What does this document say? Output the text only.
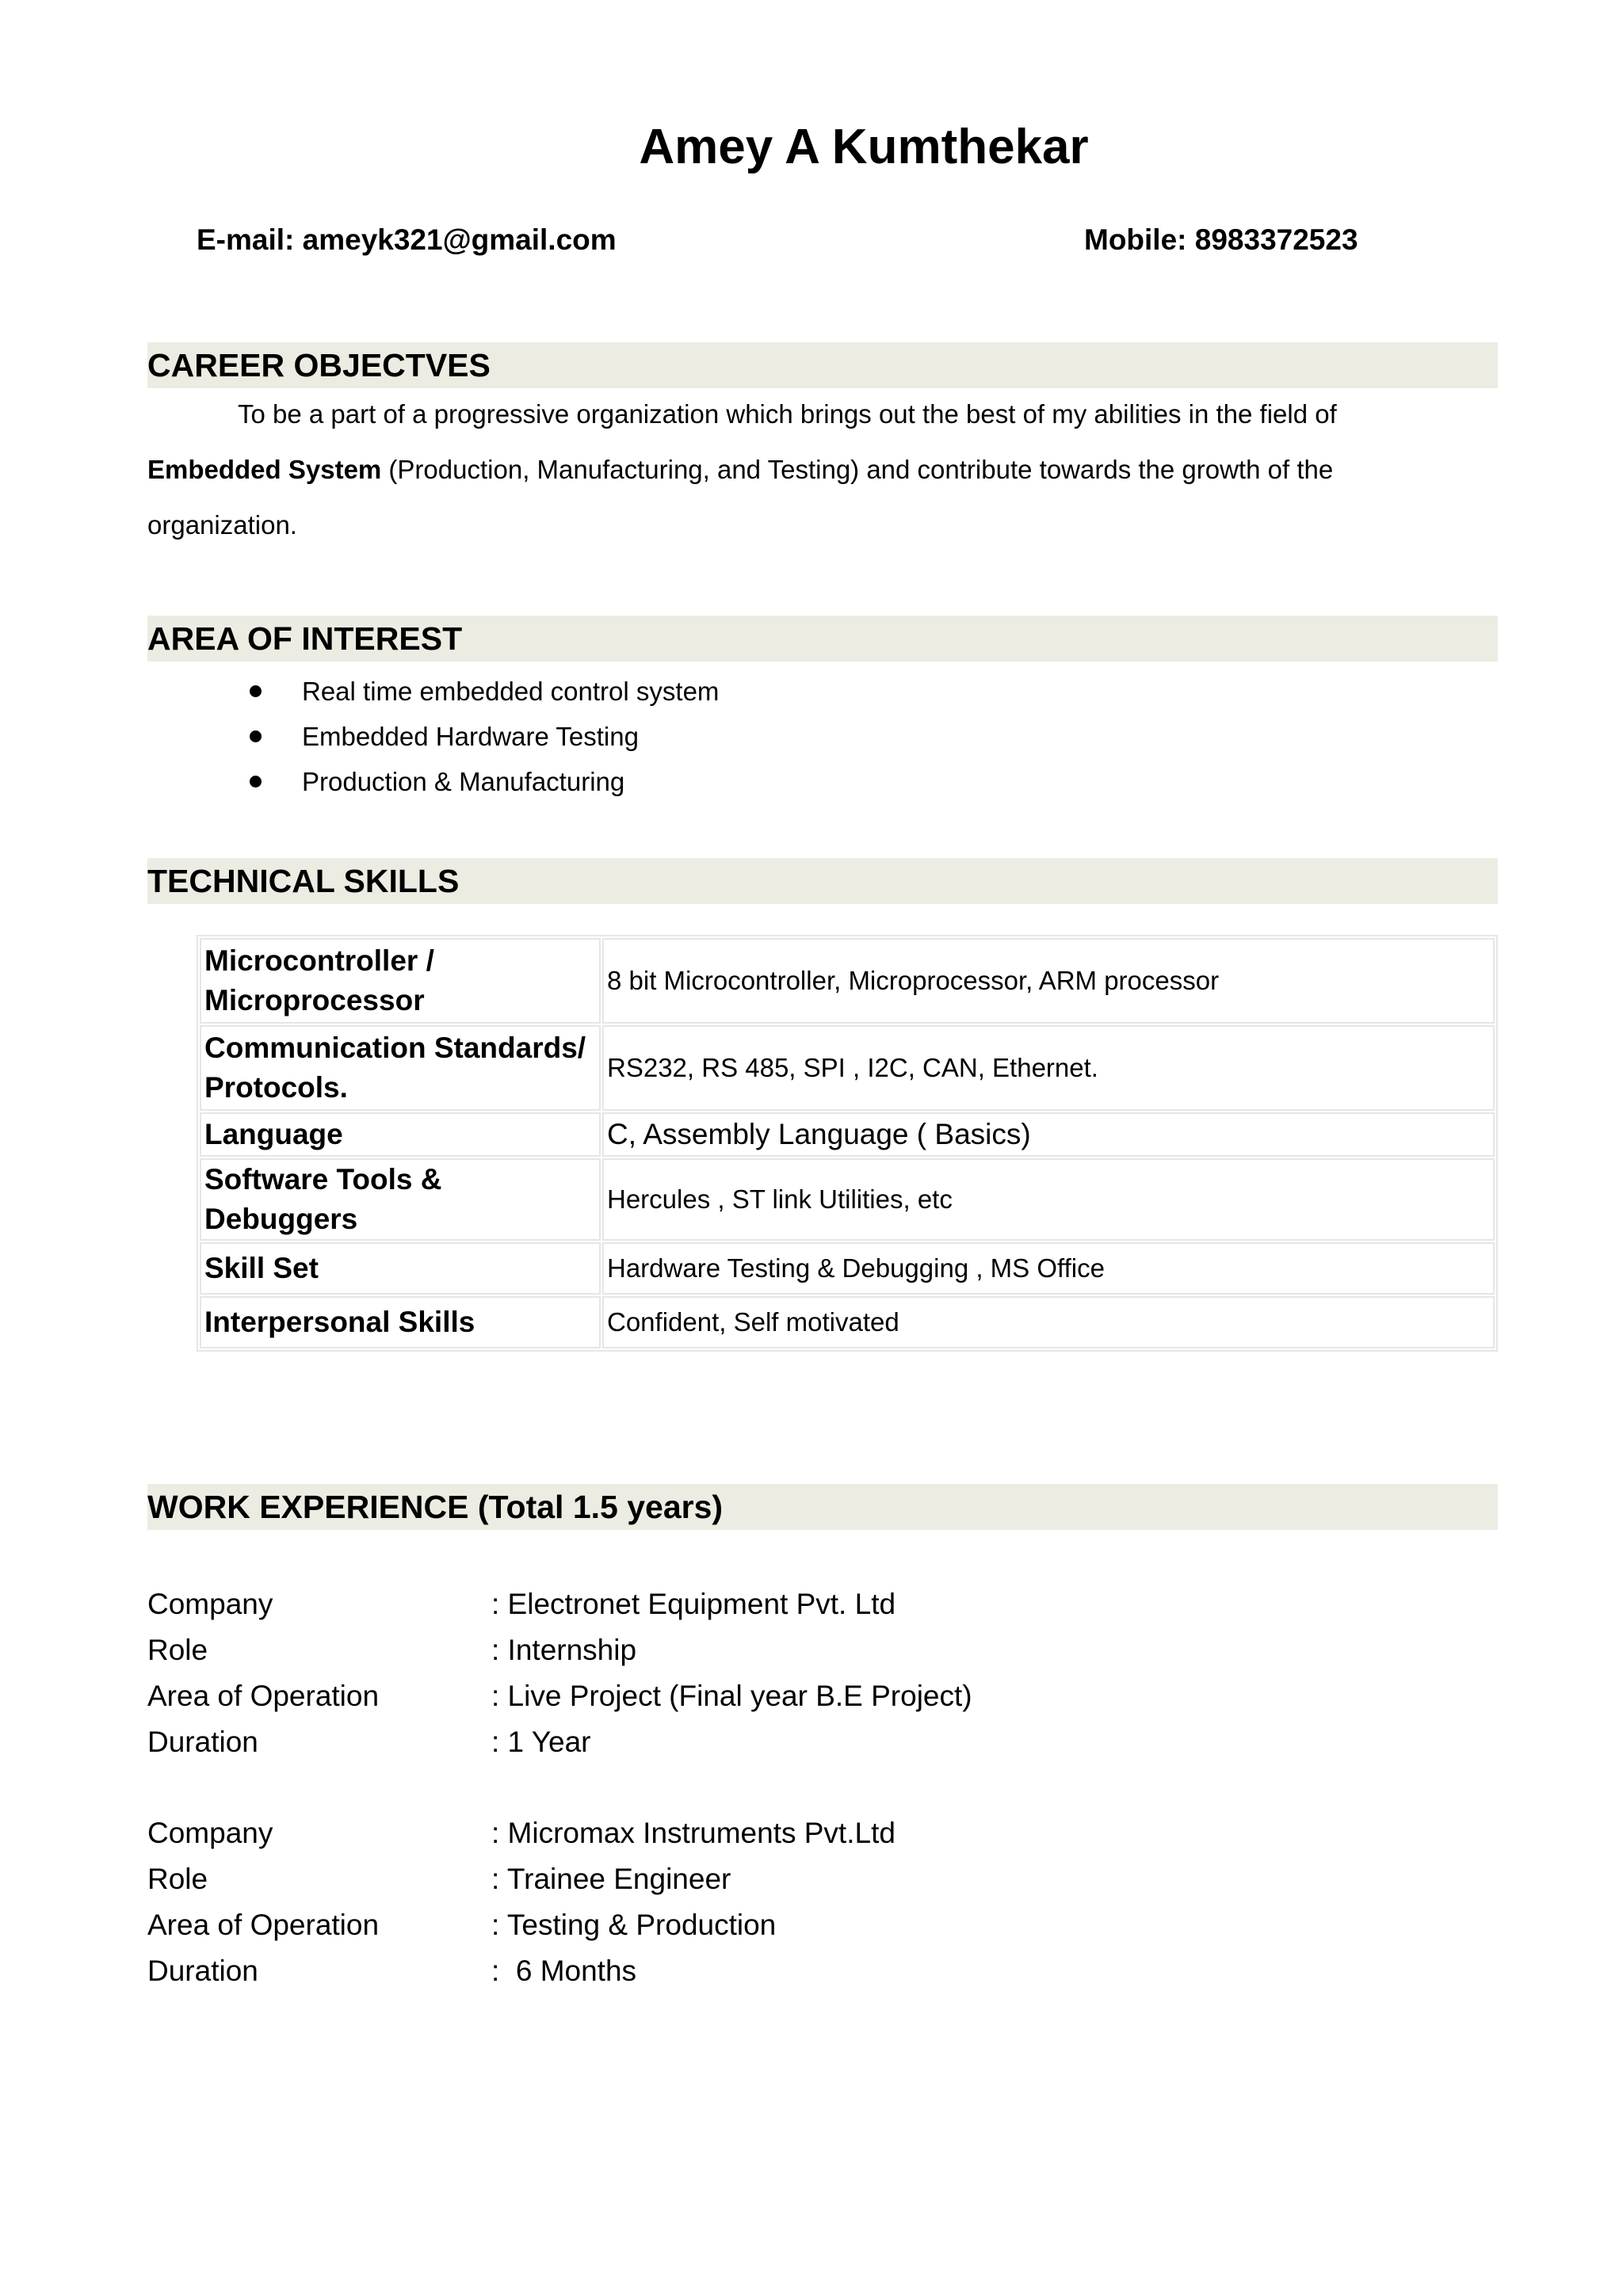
Amey A Kumthekar
E-mail: ameyk321@gmail.com	Mobile: 8983372523
CAREER OBJECTVES
To be a part of a progressive organization which brings out the best of my abilities in the field of
Embedded System (Production, Manufacturing, and Testing) and contribute towards the growth of the
organization.
AREA OF INTEREST
Real time embedded control system
Embedded Hardware Testing
Production & Manufacturing
TECHNICAL SKILLS
Microcontroller / Microprocessor	8 bit Microcontroller, Microprocessor, ARM processor
Communication Standards/ Protocols.	RS232, RS 485, SPI , I2C, CAN, Ethernet.
Language	C, Assembly Language ( Basics)
Software Tools & Debuggers	Hercules , ST link Utilities, etc
Skill Set	Hardware Testing & Debugging , MS Office
Interpersonal Skills	Confident, Self motivated
WORK EXPERIENCE (Total 1.5 years)
Company	: Electronet Equipment Pvt. Ltd
Role	: Internship
Area of Operation	: Live Project (Final year B.E Project)
Duration	: 1 Year
Company	: Micromax Instruments Pvt.Ltd
Role	: Trainee Engineer
Area of Operation	: Testing & Production
Duration	:  6 Months
